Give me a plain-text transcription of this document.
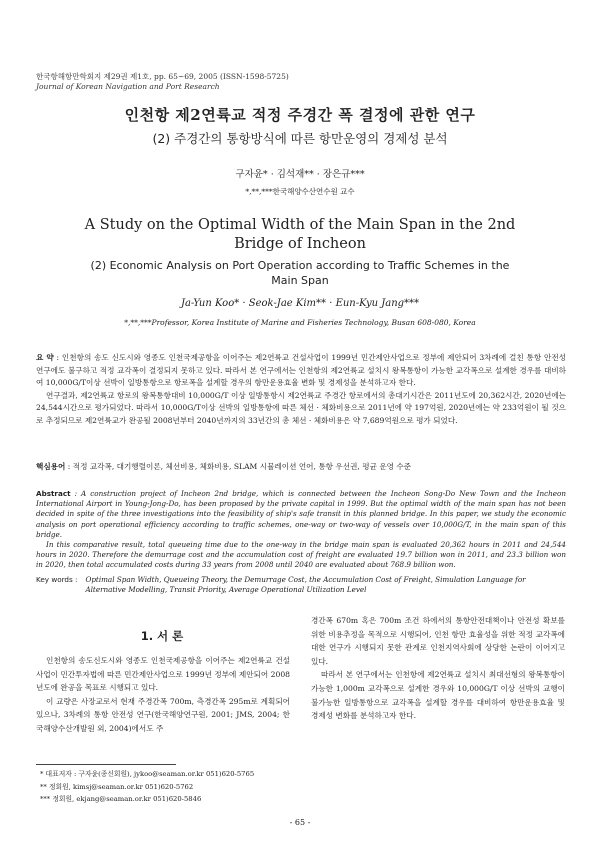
한국항해항만학회지 제29권 제1호, pp. 65~69, 2005 (ISSN-1598-5725)
Journal of Korean Navigation and Port Research
인천항 제2연륙교 적정 주경간 폭 결정에 관한 연구
(2) 주경간의 통항방식에 따른 항만운영의 경제성 분석
구자윤* · 김석재** · 장은규***
*,**,***한국해양수산연수원 교수
A Study on the Optimal Width of the Main Span in the 2nd Bridge of Incheon
(2) Economic Analysis on Port Operation according to Traffic Schemes in the Main Span
Ja-Yun Koo* · Seok-Jae Kim** · Eun-Kyu Jang***
*,**,***Professor, Korea Institute of Marine and Fisheries Technology, Busan 608-080, Korea

요 약 : 인천항의 송도 신도시와 영종도 인천국제공항을 이어주는 제2연륙교 건설사업이 1999년 민간제안사업으로 정부에 제안되어 3차례에 걸친 통항 안전성 연구에도 불구하고 적정 교각폭이 결정되지 못하고 있다. 따라서 본 연구에서는 인천항의 제2연륙교 설치시 왕복통항이 가능한 교각폭으로 설계한 경우를 대비하여 10,000G/T이상 선박이 일방통항으로 항로폭을 설계할 경우의 항만운용효율 변화 및 경제성을 분석하고자 한다.

연구결과, 제2연륙교 항로의 왕복통항대비 10,000G/T 이상 일방통항시 제2연륙교 주경간 항로에서의 총대기시간은 2011년도에 20,362시간, 2020년에는 24,544시간으로 평가되었다. 따라서 10,000G/T이상 선박의 일방통항에 따른 체선 · 체화비용으로 2011년에 약 197억원, 2020년에는 약 233억원이 될 것으로 추정되므로 제2연륙교가 완공될 2008년부터 2040년까지의 33년간의 총 체선 · 체화비용은 약 7,689억원으로 평가 되었다.

핵심용어 : 적정 교각폭, 대기행렬이론, 체선비용, 체화비용, SLAM 시뮬레이션 언어, 통항 우선권, 평균 운영 수준

Abstract : A construction project of Incheon 2nd bridge, which is connected between the Incheon Song-Do New Town and the Incheon International Airport in Young-Jong-Do, has been proposed by the private capital in 1999. But the optimal width of the main span has not been decided in spite of the three investigations into the feasibility of ship's safe transit in this planned bridge. In this paper, we study the economic analysis on port operational efficiency according to traffic schemes, one-way or two-way of vessels over 10,000G/T, in the main span of this bridge.

In this comparative result, total queueing time due to the one-way in the bridge main span is evaluated 20,362 hours in 2011 and 24,544 hours in 2020. Therefore the demurrage cost and the accumulation cost of freight are evaluated 19.7 billion won in 2011, and 23.3 billion won in 2020, then total accumulated costs during 33 years from 2008 until 2040 are evaluated about 768.9 billion won.

Key words : Optimal Span Width, Queueing Theory, the Demurrage Cost, the Accumulation Cost of Freight, Simulation Language for Alternative Modelling, Transit Priority, Average Operational Utilization Level
1. 서 론

인천항의 송도신도시와 영종도 인천국제공항을 이어주는 제2연륙교 건설사업이 민간투자법에 따른 민간제안사업으로 1999년 정부에 제안되어 2008년도에 완공을 목표로 시행되고 있다.

이 교량은 사장교로서 현재 주경간폭 700m, 측경간폭 295m로 계획되어 있으나, 3차례의 통항 안전성 연구(한국해양연구원, 2001; JMS, 2004; 한국해양수산개발원 외, 2004)에서도 주

경간폭 670m 혹은 700m 조건 하에서의 통항안전대책이나 안전성 확보를 위한 비용추정을 목적으로 시행되어, 인천 항만 효율성을 위한 적정 교각폭에 대한 연구가 시행되지 못한 관계로 인천지역사회에 상당한 논란이 이어지고 있다.

따라서 본 연구에서는 인천항에 제2연륙교 설치시 최대선형의 왕복통항이 가능한 1,000m 교각폭으로 설계한 경우와 10,000G/T 이상 선박의 교행이 불가능한 일방통항으로 교각폭을 설계할 경우를 대비하여 항만운용효율 및 경제성 변화를 분석하고자 한다.

* 대표저자 : 구자윤(종신회원), jykoo@seaman.or.kr 051)620-5765
** 정회원, kimsj@seaman.or.kr 051)620-5762
*** 정회원, ekjang@seaman.or.kr 051)620-5846
- 65 -
